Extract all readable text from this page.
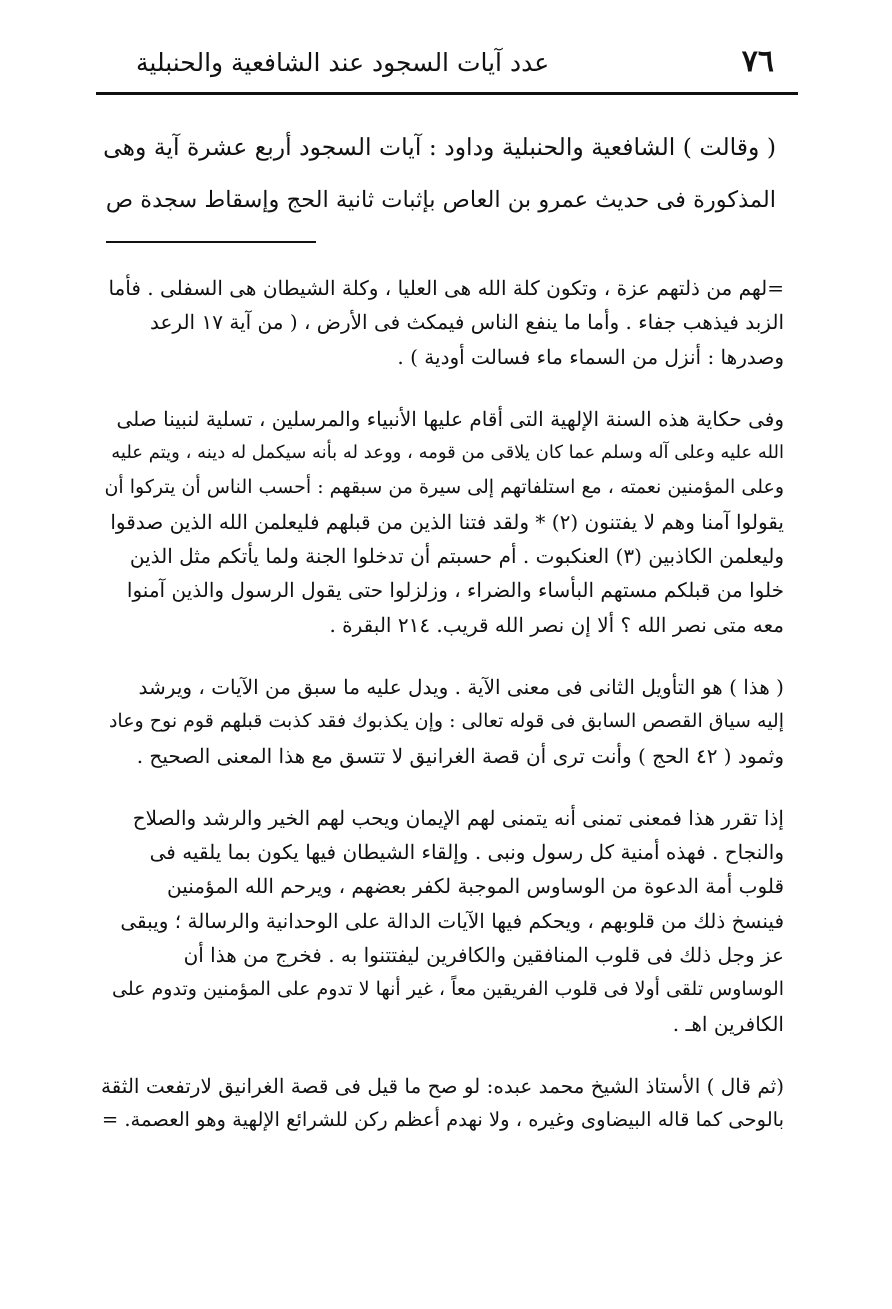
٧٦
عدد آيات السجود عند الشافعية والحنبلية
( وقالت ) الشافعية والحنبلية وداود : آيات السجود أربع عشرة آية وهى
المذكورة فى حديث عمرو بن العاص بإثبات ثانية الحج وإسقاط سجدة ص
=لهم من ذلتهم عزة ، وتكون كلة الله هى العليا ، وكلة الشيطان هى السفلى . فأما
الزبد فيذهب جفاء . وأما ما ينفع الناس فيمكث فى الأرض ، ( من آية ١٧ الرعد
وصدرها : أنزل من السماء ماء فسالت أودية ) .
وفى حكاية هذه السنة الإلهية التى أقام عليها الأنبياء والمرسلين ، تسلية لنبينا صلى
الله عليه وعلى آله وسلم عما كان يلاقى من قومه ، ووعد له بأنه سيكمل له دينه ، ويتم عليه
وعلى المؤمنين نعمته ، مع استلفاتهم إلى سيرة من سبقهم : أحسب الناس أن يتركوا أن
يقولوا آمنا وهم لا يفتنون (٢) * ولقد فتنا الذين من قبلهم فليعلمن الله الذين صدقوا
وليعلمن الكاذبين (٣) العنكبوت . أم حسبتم أن تدخلوا الجنة ولما يأتكم مثل الذين
خلوا من قبلكم مستهم البأساء والضراء ، وزلزلوا حتى يقول الرسول والذين آمنوا
معه متى نصر الله ؟ ألا إن نصر الله قريب. ٢١٤ البقرة .
( هذا ) هو التأويل الثانى فى معنى الآية . ويدل عليه ما سبق من الآيات ، ويرشد
إليه سياق القصص السابق فى قوله تعالى : وإن يكذبوك فقد كذبت قبلهم قوم نوح وعاد
وثمود ( ٤٢ الحج ) وأنت ترى أن قصة الغرانيق لا تتسق مع هذا المعنى الصحيح .
إذا تقرر هذا فمعنى تمنى أنه يتمنى لهم الإيمان ويحب لهم الخير والرشد والصلاح
والنجاح . فهذه أمنية كل رسول ونبى . وإلقاء الشيطان فيها يكون بما يلقيه فى
قلوب أمة الدعوة من الوساوس الموجبة لكفر بعضهم ، ويرحم الله المؤمنين
فينسخ ذلك من قلوبهم ، ويحكم فيها الآيات الدالة على الوحدانية والرسالة ؛ ويبقى
عز وجل ذلك فى قلوب المنافقين والكافرين ليفتتنوا به . فخرج من هذا أن
الوساوس تلقى أولا فى قلوب الفريقين معاً ، غير أنها لا تدوم على المؤمنين وتدوم على
الكافرين اهـ .
(ثم قال ) الأستاذ الشيخ محمد عبده: لو صح ما قيل فى قصة الغرانيق لارتفعت الثقة
بالوحى كما قاله البيضاوى وغيره ، ولا نهدم أعظم ركن للشرائع الإلهية وهو العصمة. =
